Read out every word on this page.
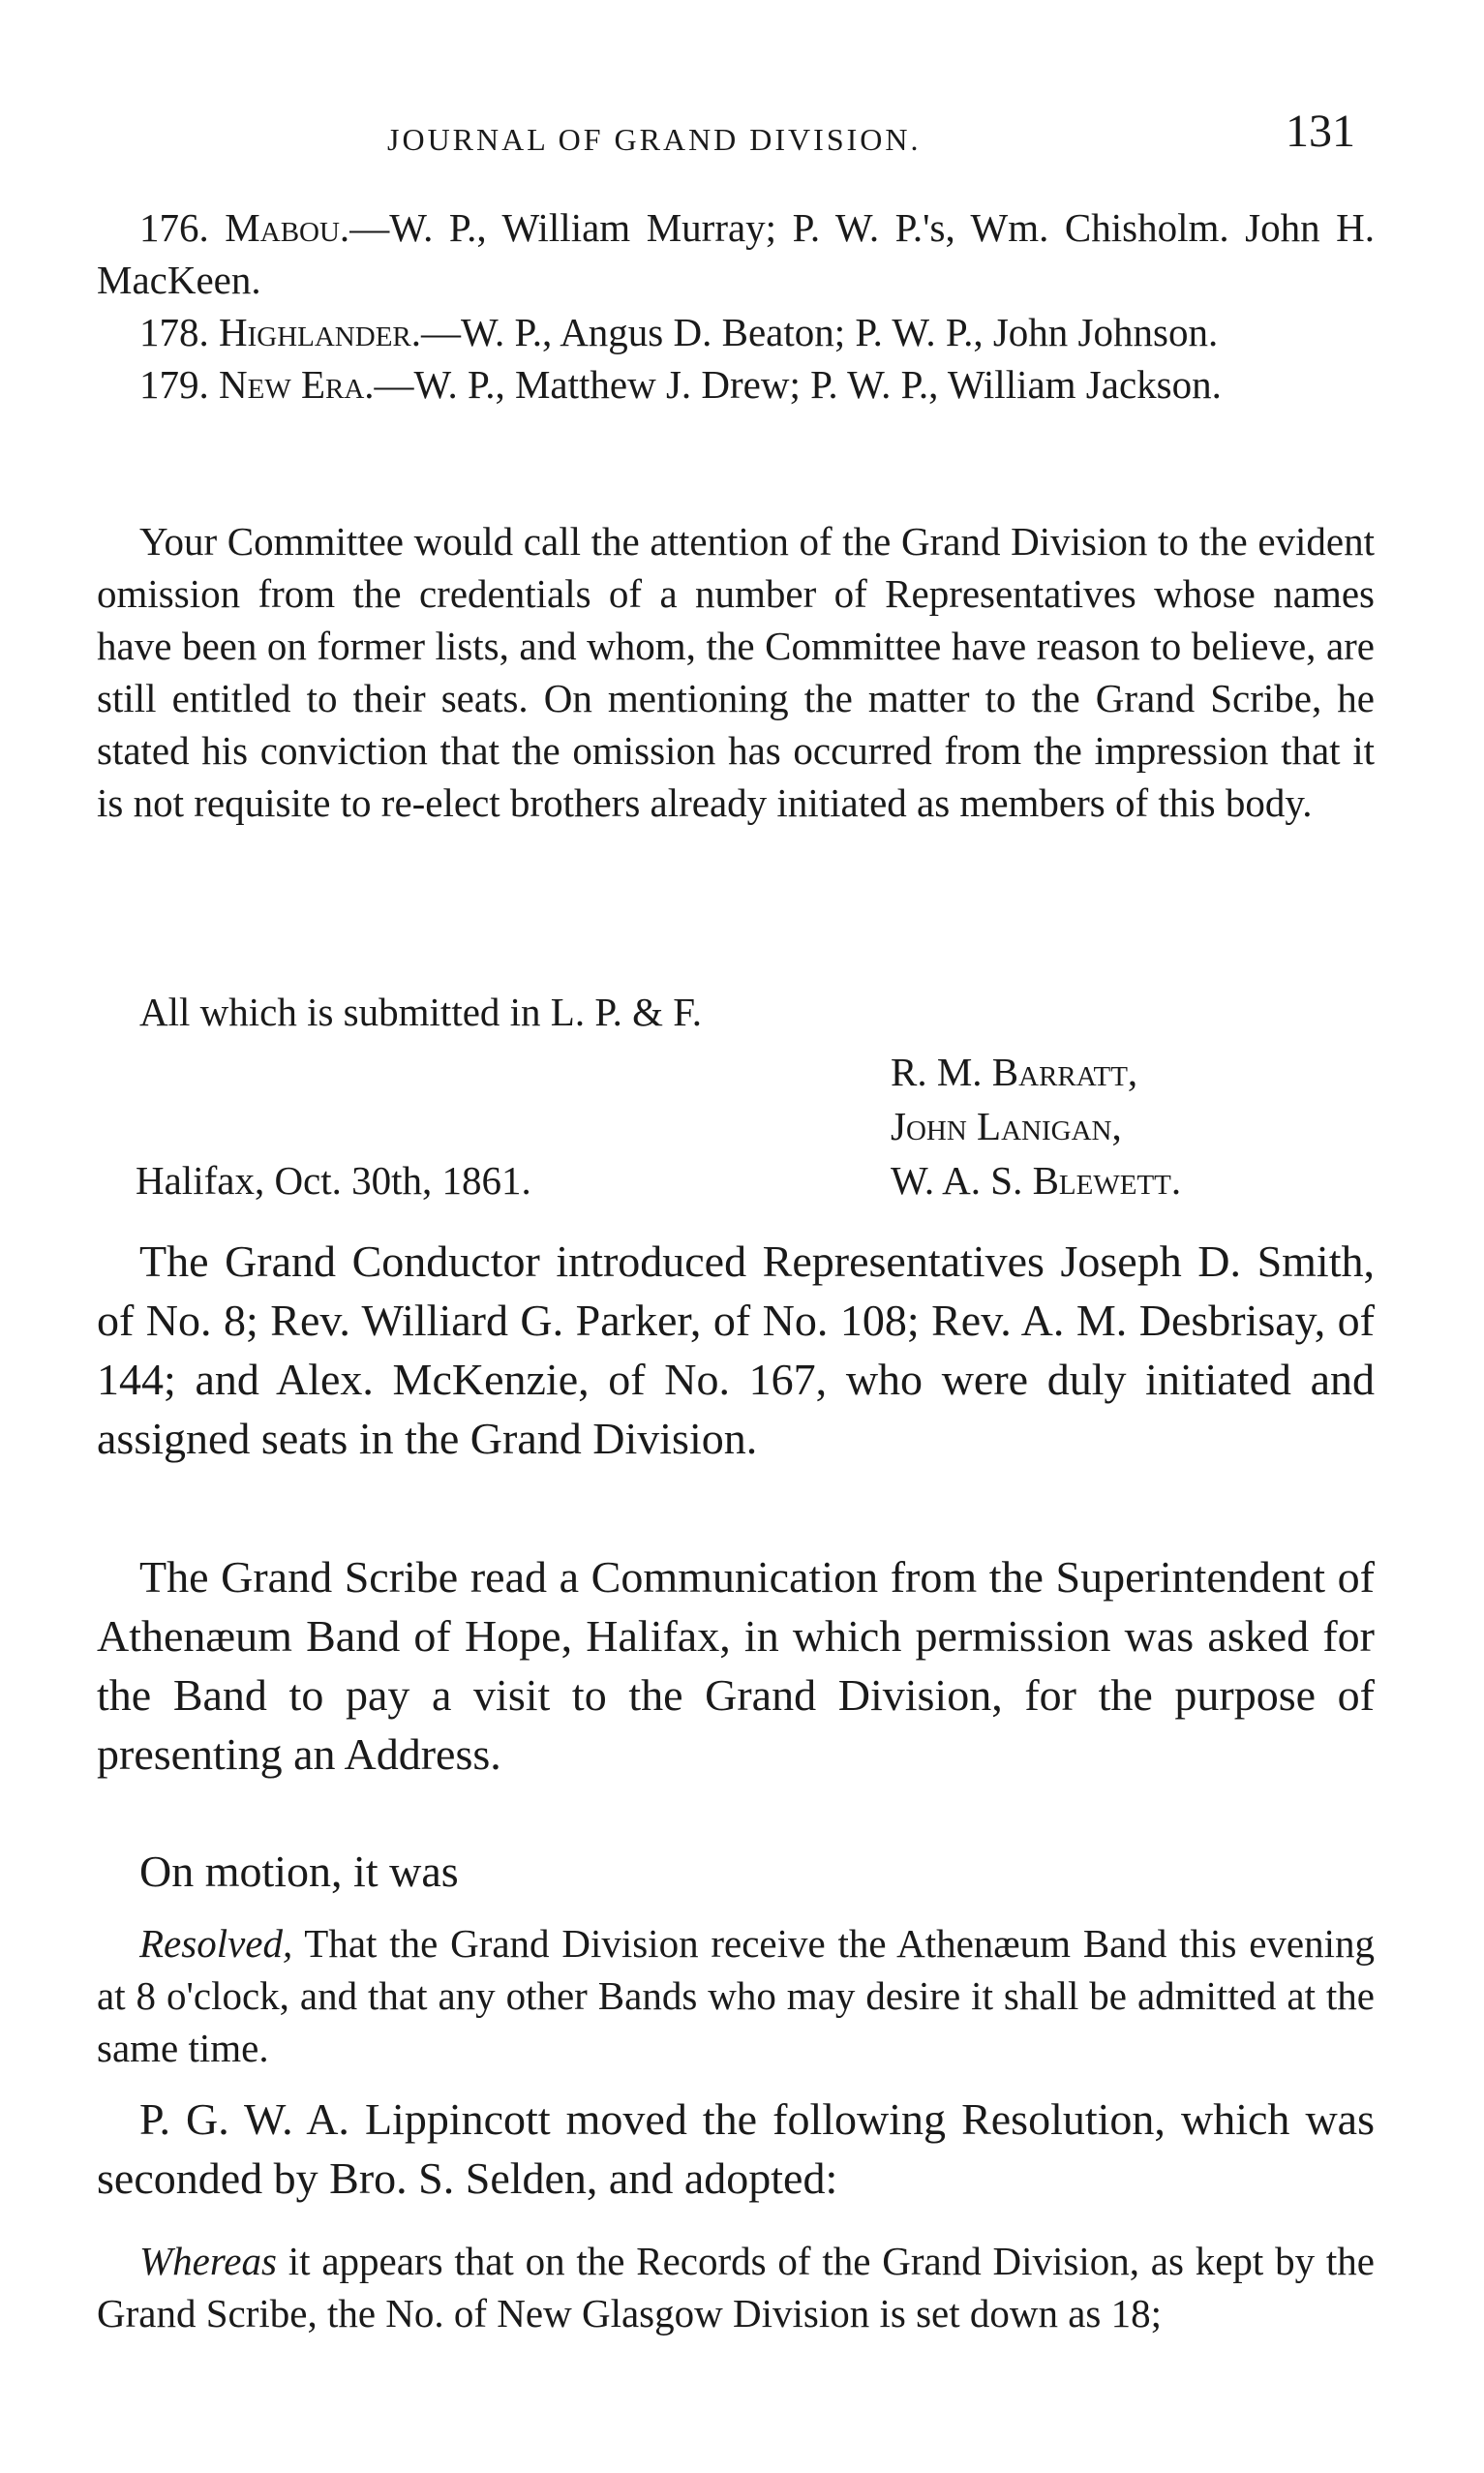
JOURNAL OF GRAND DIVISION.	131
176. Mabou.—W. P., William Murray; P. W. P.'s, Wm. Chisholm. John H. MacKeen.
178. Highlander.—W. P., Angus D. Beaton; P. W. P., John Johnson.
179. New Era.—W. P., Matthew J. Drew; P. W. P., William Jackson.

Your Committee would call the attention of the Grand Division to the evident omission from the credentials of a number of Representatives whose names have been on former lists, and whom, the Committee have reason to believe, are still entitled to their seats. On mentioning the matter to the Grand Scribe, he stated his conviction that the omission has occurred from the impression that it is not requisite to re-elect brothers already initiated as members of this body.

All which is submitted in L. P. & F.

R. M. Barratt,
John Lanigan,
Halifax, Oct. 30th, 1861.	W. A. S. Blewett.

The Grand Conductor introduced Representatives Joseph D. Smith, of No. 8; Rev. Williard G. Parker, of No. 108; Rev. A. M. Desbrisay, of 144; and Alex. McKenzie, of No. 167, who were duly initiated and assigned seats in the Grand Division.

The Grand Scribe read a Communication from the Superintendent of Athenæum Band of Hope, Halifax, in which permission was asked for the Band to pay a visit to the Grand Division, for the purpose of presenting an Address.

On motion, it was

Resolved, That the Grand Division receive the Athenæum Band this evening at 8 o'clock, and that any other Bands who may desire it shall be admitted at the same time.

P. G. W. A. Lippincott moved the following Resolution, which was seconded by Bro. S. Selden, and adopted:

Whereas it appears that on the Records of the Grand Division, as kept by the Grand Scribe, the No. of New Glasgow Division is set down as 18;
